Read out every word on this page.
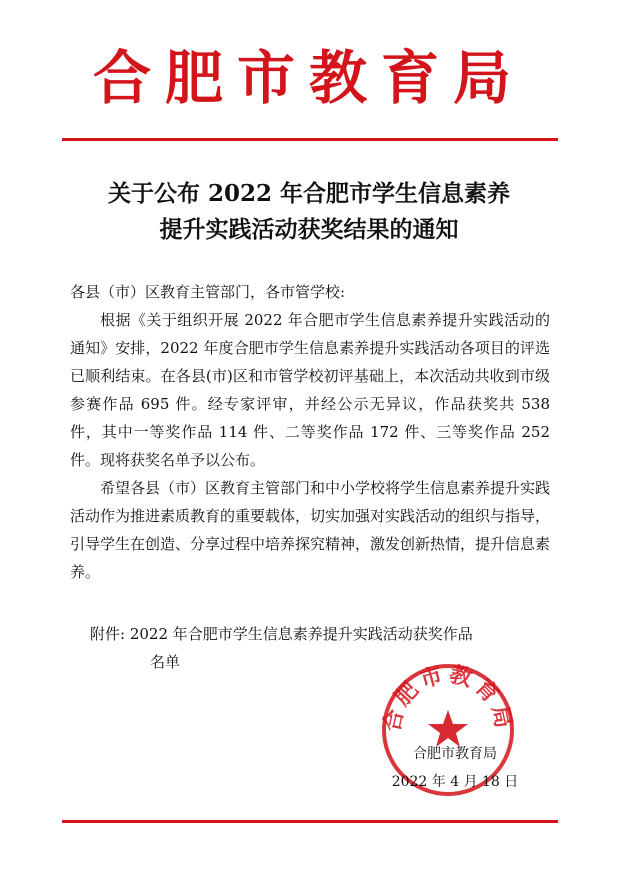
合肥市教育局
关于公布 2022 年合肥市学生信息素养
提升实践活动获奖结果的通知

各县（市）区教育主管部门，各市管学校:

根据《关于组织开展 2022 年合肥市学生信息素养提升实践活动的通知》安排，2022 年度合肥市学生信息素养提升实践活动各项目的评选已顺利结束。在各县(市)区和市管学校初评基础上，本次活动共收到市级参赛作品 695 件。经专家评审，并经公示无异议，作品获奖共 538 件，其中一等奖作品 114 件、二等奖作品 172 件、三等奖作品 252 件。现将获奖名单予以公布。

希望各县（市）区教育主管部门和中小学校将学生信息素养提升实践活动作为推进素质教育的重要载体，切实加强对实践活动的组织与指导，引导学生在创造、分享过程中培养探究精神，激发创新热情，提升信息素养。

附件: 2022 年合肥市学生信息素养提升实践活动获奖作品
名单
合肥市教育局
合肥市教育局
2022 年 4 月 18 日
